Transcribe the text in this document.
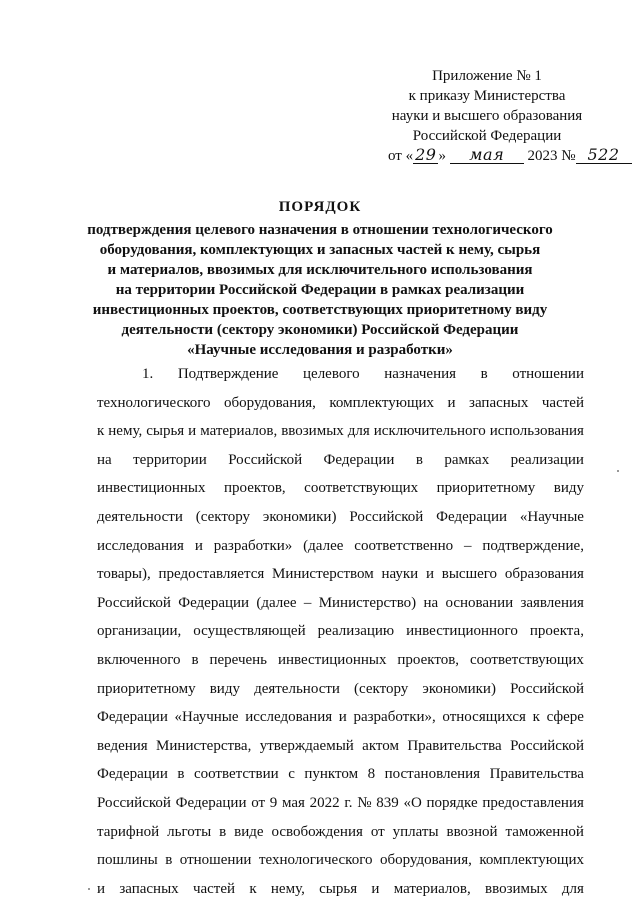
Приложение № 1
к приказу Министерства
науки и высшего образования
Российской Федерации
от « 29 » мая 2023 № 522
ПОРЯДОК
подтверждения целевого назначения в отношении технологического
оборудования, комплектующих и запасных частей к нему, сырья
и материалов, ввозимых для исключительного использования
на территории Российской Федерации в рамках реализации
инвестиционных проектов, соответствующих приоритетному виду
деятельности (сектору экономики) Российской Федерации
«Научные исследования и разработки»
1. Подтверждение целевого назначения в отношении
технологического оборудования, комплектующих и запасных частей
к нему, сырья и материалов, ввозимых для исключительного использования
на территории Российской Федерации в рамках реализации
инвестиционных проектов, соответствующих приоритетному виду
деятельности (сектору экономики) Российской Федерации «Научные
исследования и разработки» (далее соответственно – подтверждение,
товары), предоставляется Министерством науки и высшего образования
Российской Федерации (далее – Министерство) на основании заявления
организации, осуществляющей реализацию инвестиционного проекта,
включенного в перечень инвестиционных проектов, соответствующих
приоритетному виду деятельности (сектору экономики) Российской
Федерации «Научные исследования и разработки», относящихся к сфере
ведения Министерства, утверждаемый актом Правительства Российской
Федерации в соответствии с пунктом 8 постановления Правительства
Российской Федерации от 9 мая 2022 г. № 839 «О порядке предоставления
тарифной льготы в виде освобождения от уплаты ввозной таможенной
пошлины в отношении технологического оборудования, комплектующих
и запасных частей к нему, сырья и материалов, ввозимых для
